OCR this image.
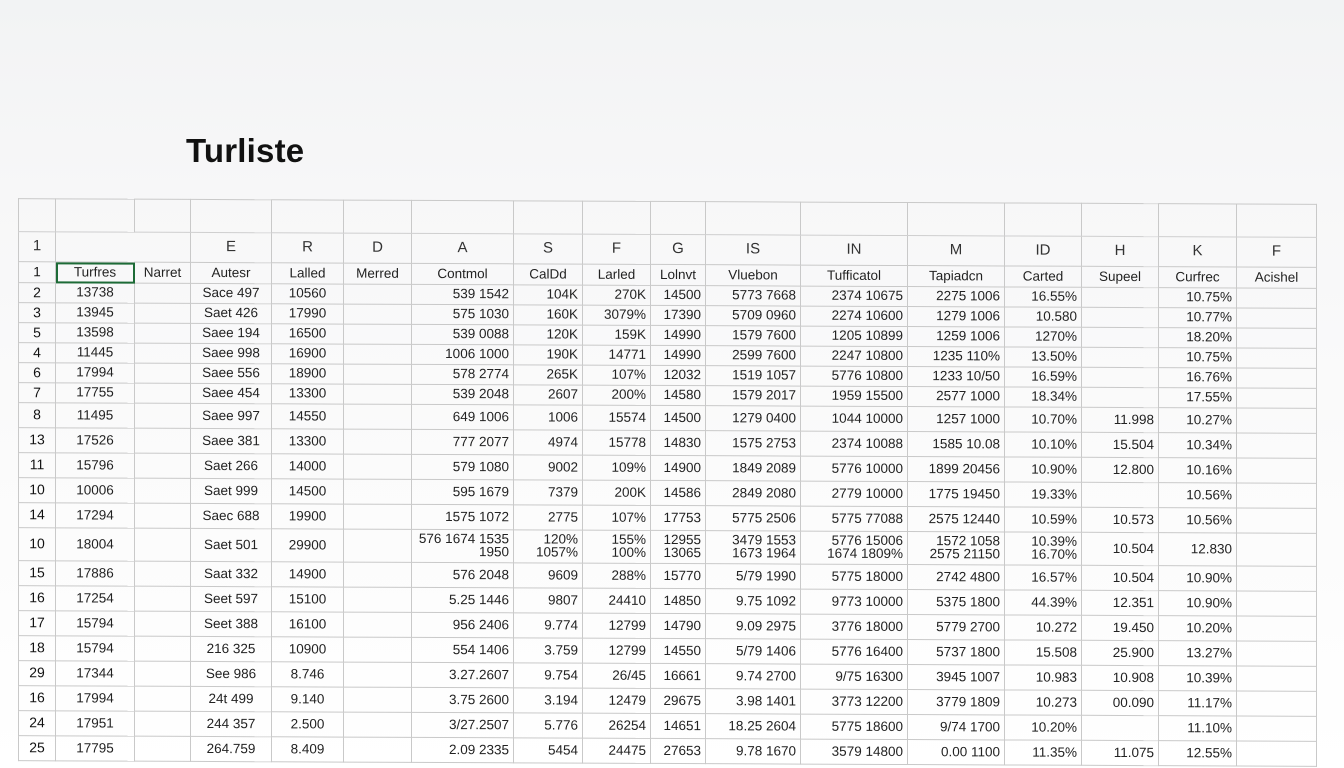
Turliste

1			E	R	D	A	S	F	G	IS	IN	M	ID	H	K	F
1	Turfres	Narret	Autesr	Lalled	Merred	Contmol	CalDd	Larled	Lolnvt	Vluebon	Tufficatol	Tapiadcn	Carted	Supeel	Curfrec	Acishel
2	13738		Sace 497	10560		539 1542	104K	270K	14500	5773 7668	2374 10675	2275 1006	16.55%		10.75%	
3	13945		Saet 426	17990		575 1030	160K	3079%	17390	5709 0960	2274 10600	1279 1006	10.580		10.77%	
5	13598		Saee 194	16500		539 0088	120K	159K	14990	1579 7600	1205 10899	1259 1006	1270%		18.20%	
4	11445		Saee 998	16900		1006 1000	190K	14771	14990	2599 7600	2247 10800	1235 110%	13.50%		10.75%	
6	17994		Saee 556	18900		578 2774	265K	107%	12032	1519 1057	5776 10800	1233 10/50	16.59%		16.76%	
7	17755		Saee 454	13300		539 2048	2607	200%	14580	1579 2017	1959 15500	2577 1000	18.34%		17.55%	
8	11495		Saee 997	14550		649 1006	1006	15574	14500	1279 0400	1044 10000	1257 1000	10.70%	11.998	10.27%	
13	17526		Saee 381	13300		777 2077	4974	15778	14830	1575 2753	2374 10088	1585 10.08	10.10%	15.504	10.34%	
11	15796		Saet 266	14000		579 1080	9002	109%	14900	1849 2089	5776 10000	1899 20456	10.90%	12.800	10.16%	
10	10006		Saet 999	14500		595 1679	7379	200K	14586	2849 2080	2779 10000	1775 19450	19.33%		10.56%	
14	17294		Saec 688	19900		1575 1072	2775	107%	17753	5775 2506	5775 77088	2575 12440	10.59%	10.573	10.56%	
10	18004		Saet 501	29900		576 1674 1535 1950	120% 1057%	155% 100%	12955 13065	3479 1553 1673 1964	5776 15006 1674 1809%	1572 1058 2575 21150	10.39% 16.70%	10.504	12.830	
15	17886		Saat 332	14900		576 2048	9609	288%	15770	5/79 1990	5775 18000	2742 4800	16.57%	10.504	10.90%	
16	17254		Seet 597	15100		5.25 1446	9807	24410	14850	9.75 1092	9773 10000	5375 1800	44.39%	12.351	10.90%	
17	15794		Seet 388	16100		956 2406	9.774	12799	14790	9.09 2975	3776 18000	5779 2700	10.272	19.450	10.20%	
18	15794		216 325	10900		554 1406	3.759	12799	14550	5/79 1406	5776 16400	5737 1800	15.508	25.900	13.27%	
29	17344		See 986	8.746		3.27.2607	9.754	26/45	16661	9.74 2700	9/75 16300	3945 1007	10.983	10.908	10.39%	
16	17994		24t 499	9.140		3.75 2600	3.194	12479	29675	3.98 1401	3773 12200	3779 1809	10.273	00.090	11.17%	
24	17951		244 357	2.500		3/27.2507	5.776	26254	14651	18.25 2604	5775 18600	9/74 1700	10.20%		11.10%	
25	17795		264.759	8.409		2.09 2335	5454	24475	27653	9.78 1670	3579 14800	0.00 1100	11.35%	11.075	12.55%	
